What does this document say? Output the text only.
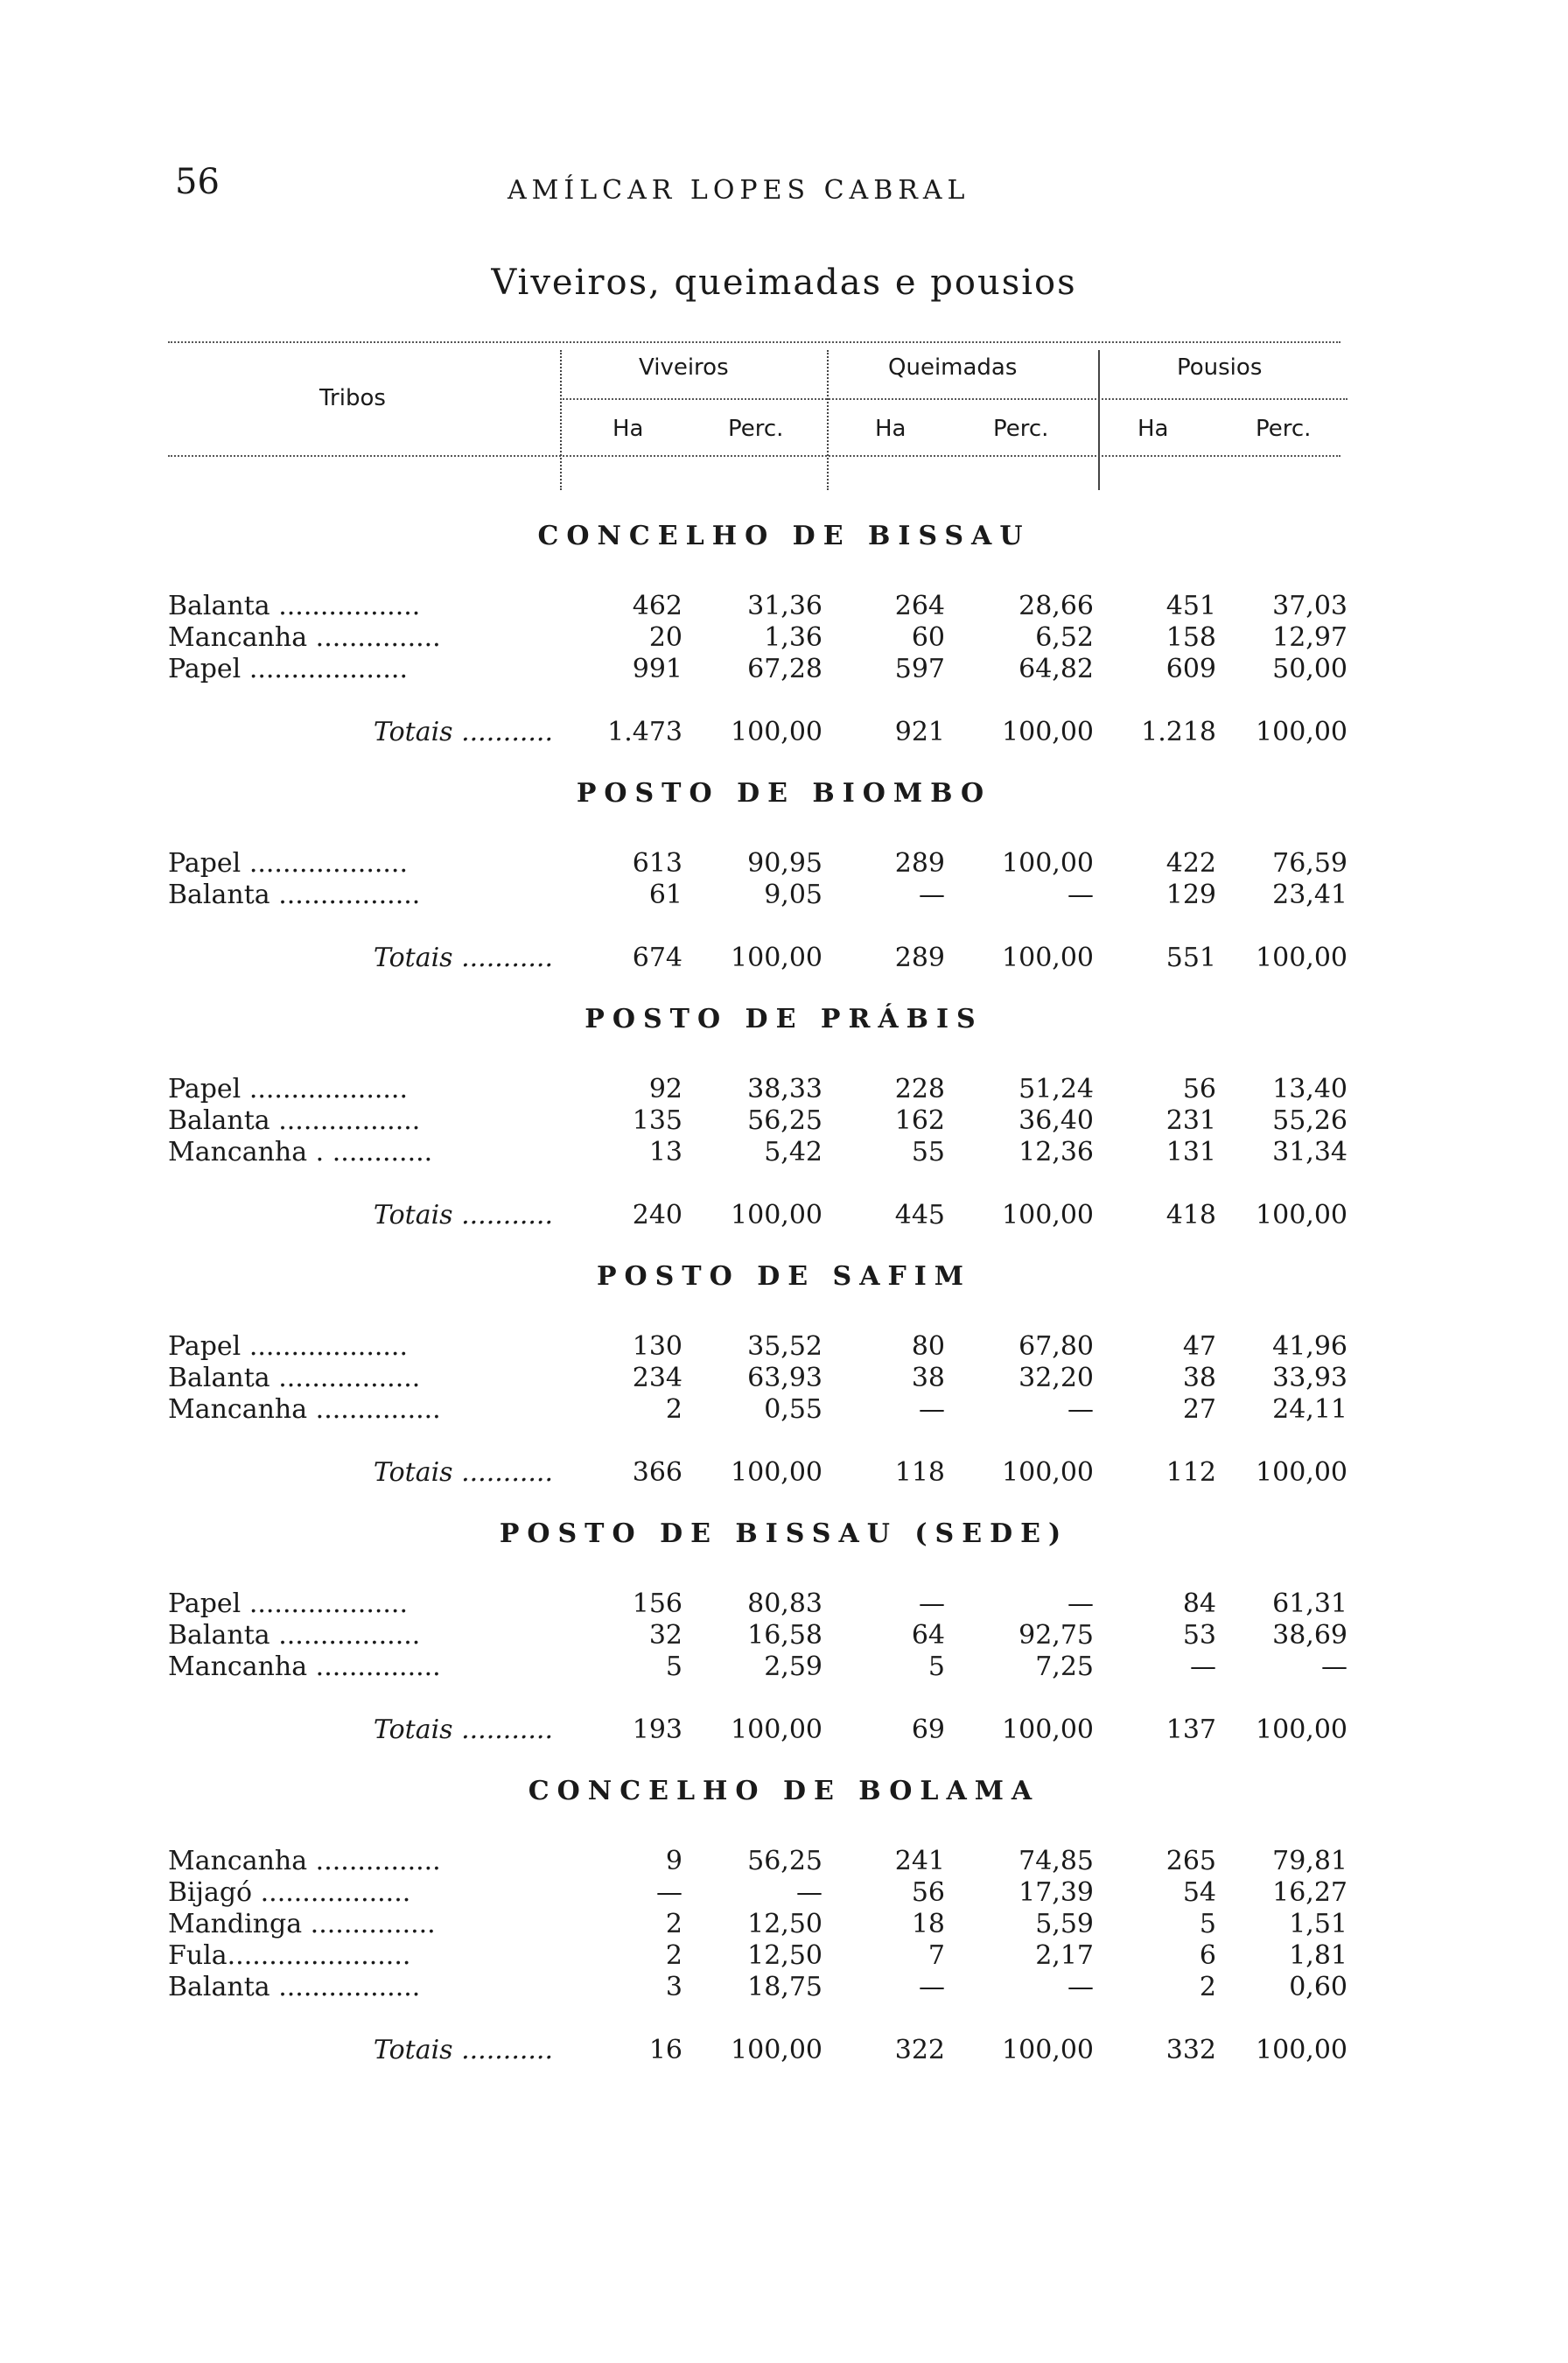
56	AMÍLCAR LOPES CABRAL
Viveiros, queimadas e pousios
Tribos
Viveiros	Queimadas	Pousios
Ha	Perc.	Ha	Perc.	Ha	Perc.
CONCELHO DE BISSAU
Balanta .................	462	31,36	264	28,66	451	37,03
Mancanha ...............	20	1,36	60	6,52	158	12,97
Papel ...................	991	67,28	597	64,82	609	50,00
Totais ...........	1.473	100,00	921	100,00	1.218	100,00
POSTO DE BIOMBO
Papel ...................	613	90,95	289	100,00	422	76,59
Balanta .................	61	9,05	—	—	129	23,41
Totais ...........	674	100,00	289	100,00	551	100,00
POSTO DE PRÁBIS
Papel ...................	92	38,33	228	51,24	56	13,40
Balanta .................	135	56,25	162	36,40	231	55,26
Mancanha . ............	13	5,42	55	12,36	131	31,34
Totais ...........	240	100,00	445	100,00	418	100,00
POSTO DE SAFIM
Papel ...................	130	35,52	80	67,80	47	41,96
Balanta .................	234	63,93	38	32,20	38	33,93
Mancanha ...............	2	0,55	—	—	27	24,11
Totais ...........	366	100,00	118	100,00	112	100,00
POSTO DE BISSAU (SEDE)
Papel ...................	156	80,83	—	—	84	61,31
Balanta .................	32	16,58	64	92,75	53	38,69
Mancanha ...............	5	2,59	5	7,25	—	—
Totais ...........	193	100,00	69	100,00	137	100,00
CONCELHO DE BOLAMA
Mancanha ...............	9	56,25	241	74,85	265	79,81
Bijagó ..................	—	—	56	17,39	54	16,27
Mandinga ...............	2	12,50	18	5,59	5	1,51
Fula......................	2	12,50	7	2,17	6	1,81
Balanta .................	3	18,75	—	—	2	0,60
Totais ...........	16	100,00	322	100,00	332	100,00
